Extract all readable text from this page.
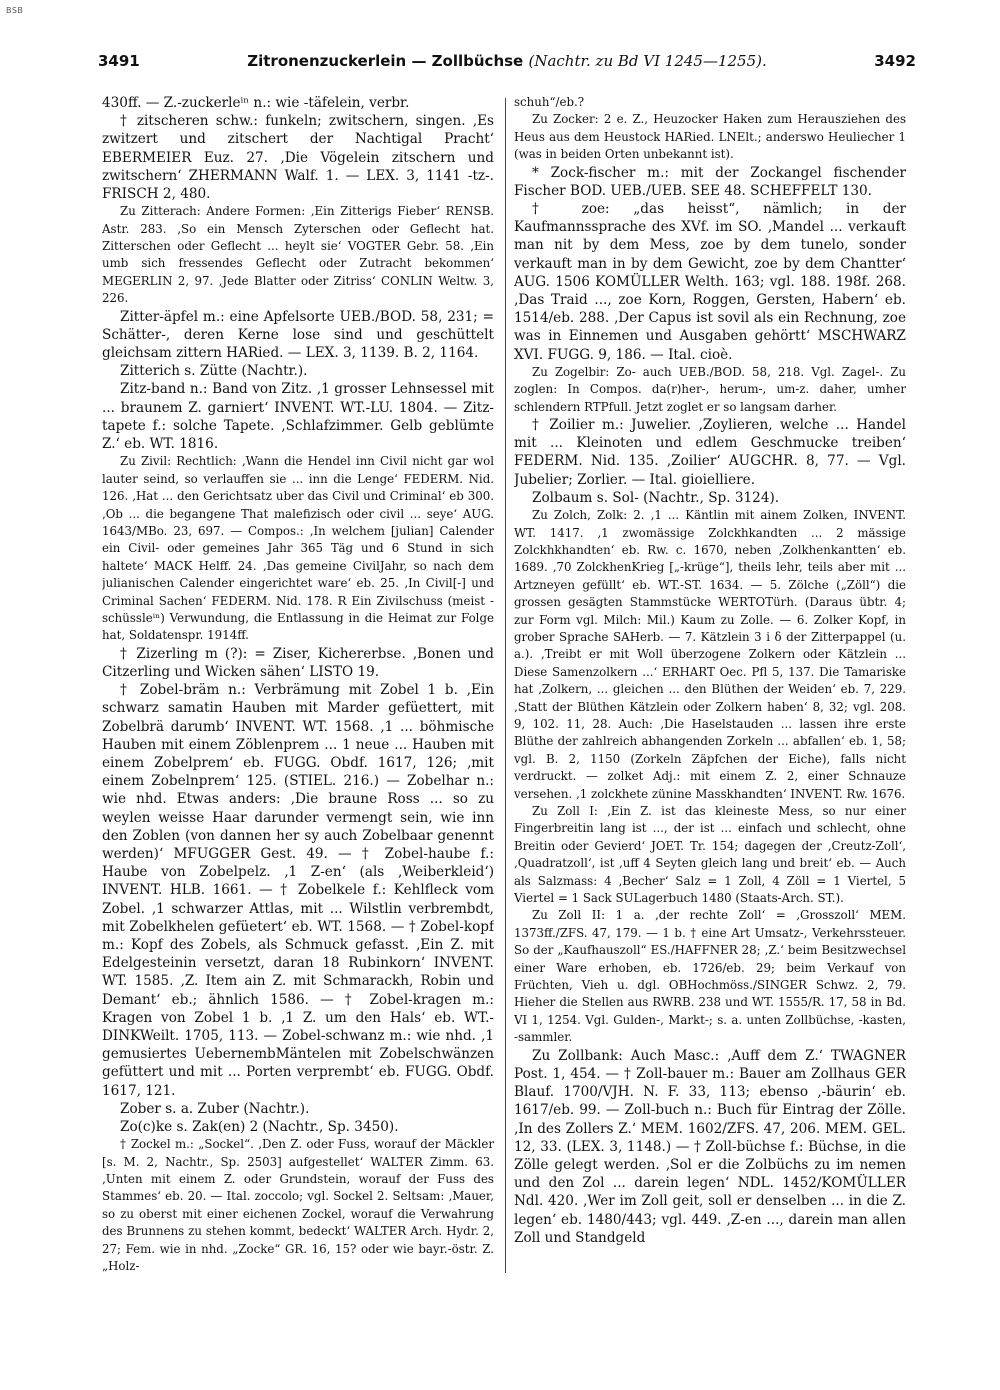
BSB
3491	Zitronenzuckerlein — Zollbüchse (Nachtr. zu Bd VI 1245—1255).	3492

430ff. — Z.-zuckerleⁱⁿ n.: wie -täfelein, verbr.

† zitscheren schw.: funkeln; zwitschern, singen. ‚Es zwitzert und zitschert der Nachtigal Pracht‘ EBERMEIER Euz. 27. ‚Die Vögelein zitschern und zwitschern‘ ZHERMANN Walf. 1. — LEX. 3, 1141 -tz-. FRISCH 2, 480.

Zu Zitterach: Andere Formen: ‚Ein Zitterigs Fieber‘ RENSB. Astr. 283. ‚So ein Mensch Zyterschen oder Geflecht hat. Zitterschen oder Geflecht ... heylt sie‘ VOGTER Gebr. 58. ‚Ein umb sich fressendes Geflecht oder Zutracht bekommen‘ MEGERLIN 2, 97. ‚Jede Blatter oder Zitriss‘ CONLIN Weltw. 3, 226.

Zitter-äpfel m.: eine Apfelsorte UEB./BOD. 58, 231; = Schätter-, deren Kerne lose sind und geschüttelt gleichsam zittern HARied. — LEX. 3, 1139. B. 2, 1164.

Zitterich s. Zütte (Nachtr.).

Zitz-band n.: Band von Zitz. ‚1 grosser Lehnsessel mit ... braunem Z. garniert‘ INVENT. WT.-LU. 1804. — Zitz-tapete f.: solche Tapete. ‚Schlafzimmer. Gelb geblümte Z.‘ eb. WT. 1816.

Zu Zivil: Rechtlich: ‚Wann die Hendel inn Civil nicht gar wol lauter seind, so verlauffen sie ... inn die Lenge‘ FEDERM. Nid. 126. ‚Hat ... den Gerichtsatz uber das Civil und Criminal‘ eb 300. ‚Ob ... die begangene That malefizisch oder civil ... seye‘ AUG. 1643/MBo. 23, 697. — Compos.: ‚In welchem [julian] Calender ein Civil- oder gemeines Jahr 365 Täg und 6 Stund in sich haltete‘ MACK Helff. 24. ‚Das gemeine CivilJahr, so nach dem julianischen Calender eingerichtet ware‘ eb. 25. ‚In Civil[-] und Criminal Sachen‘ FEDERM. Nid. 178. R Ein Zivilschuss (meist -schüssleⁱⁿ) Verwundung, die Entlassung in die Heimat zur Folge hat, Soldatenspr. 1914ff.

† Zizerling m (?): = Ziser, Kichererbse. ‚Bonen und Citzerling und Wicken sähen‘ LISTO 19.

† Zobel-bräm n.: Verbrämung mit Zobel 1 b. ‚Ein schwarz samatin Hauben mit Marder gefüettert, mit Zobelbrä darumb‘ INVENT. WT. 1568. ‚1 ... böhmische Hauben mit einem Zöblenprem ... 1 neue ... Hauben mit einem Zobelprem‘ eb. FUGG. Obdf. 1617, 126; ‚mit einem Zobelnprem‘ 125. (STIEL. 216.) — Zobelhar n.: wie nhd. Etwas anders: ‚Die braune Ross ... so zu weylen weisse Haar darunder vermengt sein, wie inn den Zoblen (von dannen her sy auch Zobelbaar genennt werden)‘ MFUGGER Gest. 49. — † Zobel-haube f.: Haube von Zobelpelz. ‚1 Z-en‘ (als ‚Weiberkleid‘) INVENT. HLB. 1661. — † Zobelkele f.: Kehlfleck vom Zobel. ‚1 schwarzer Attlas, mit ... Wilstlin verbrembdt, mit Zobelkhelen gefüetert‘ eb. WT. 1568. — † Zobel-kopf m.: Kopf des Zobels, als Schmuck gefasst. ‚Ein Z. mit Edelgesteinin versetzt, daran 18 Rubinkorn‘ INVENT. WT. 1585. ‚Z. Item ain Z. mit Schmarackh, Robin und Demant‘ eb.; ähnlich 1586. — † Zobel-kragen m.: Kragen von Zobel 1 b. ‚1 Z. um den Hals‘ eb. WT.-DINKWeilt. 1705, 113. — Zobel-schwanz m.: wie nhd. ‚1 gemusiertes UebernembMäntelen mit Zobelschwänzen gefüttert und mit ... Porten verprembt‘ eb. FUGG. Obdf. 1617, 121.

Zober s. a. Zuber (Nachtr.).

Zo(c)ke s. Zak(en) 2 (Nachtr., Sp. 3450).

† Zockel m.: „Sockel“. ‚Den Z. oder Fuss, worauf der Mäckler [s. M. 2, Nachtr., Sp. 2503] aufgestellet‘ WALTER Zimm. 63. ‚Unten mit einem Z. oder Grundstein, worauf der Fuss des Stammes‘ eb. 20. — Ital. zoccolo; vgl. Sockel 2. Seltsam: ‚Mauer, so zu oberst mit einer eichenen Zockel, worauf die Verwahrung des Brunnens zu stehen kommt, bedeckt‘ WALTER Arch. Hydr. 2, 27; Fem. wie in nhd. „Zocke“ GR. 16, 15? oder wie bayr.-östr. Z. „Holz-

schuh“/eb.?

Zu Zocker: 2 e. Z., Heuzocker Haken zum Herausziehen des Heus aus dem Heustock HARied. LNElt.; anderswo Heuliecher 1 (was in beiden Orten unbekannt ist).

* Zock-fischer m.: mit der Zockangel fischender Fischer BOD. UEB./UEB. SEE 48. SCHEFFELT 130.

† zoe: „das heisst“, nämlich; in der Kaufmannssprache des XVf. im SO. ‚Mandel ... verkauft man nit by dem Mess, zoe by dem tunelo, sonder verkauft man in by dem Gewicht, zoe by dem Chantter‘ AUG. 1506 KOMÜLLER Welth. 163; vgl. 188. 198f. 268. ‚Das Traid ..., zoe Korn, Roggen, Gersten, Habern‘ eb. 1514/eb. 288. ‚Der Capus ist sovil als ein Rechnung, zoe was in Einnemen und Ausgaben gehörtt‘ MSCHWARZ XVI. FUGG. 9, 186. — Ital. cioè.

Zu Zogelbir: Zo- auch UEB./BOD. 58, 218. Vgl. Zagel-. Zu zoglen: In Compos. da(r)her-, herum-, um-z. daher, umher schlendern RTPfull. Jetzt zoglet er so langsam darher.

† Zoilier m.: Juwelier. ‚Zoylieren, welche ... Handel mit ... Kleinoten und edlem Geschmucke treiben‘ FEDERM. Nid. 135. ‚Zoilier‘ AUGCHR. 8, 77. — Vgl. Jubelier; Zorlier. — Ital. gioielliere.

Zolbaum s. Sol- (Nachtr., Sp. 3124).

Zu Zolch, Zolk: 2. ‚1 ... Käntlin mit ainem Zolken, INVENT. WT. 1417. ‚1 zwomässige Zolckhkandten ... 2 mässige Zolckhkhandten‘ eb. Rw. c. 1670, neben ‚Zolkhenkantten‘ eb. 1689. ‚70 ZolckhenKrieg [„-krüge“], theils lehr, teils aber mit ... Artzneyen gefüllt‘ eb. WT.-ST. 1634. — 5. Zölche („Zöll“) die grossen gesägten Stammstücke WERTOTürh. (Daraus übtr. 4; zur Form vgl. Milch: Mil.) Kaum zu Zolle. — 6. Zolker Kopf, in grober Sprache SAHerb. — 7. Kätzlein 3 i δ der Zitterpappel (u. a.). ‚Treibt er mit Woll überzogene Zolkern oder Kätzlein ... Diese Samenzolkern ...‘ ERHART Oec. Pfl 5, 137. Die Tamariske hat ‚Zolkern, ... gleichen ... den Blüthen der Weiden‘ eb. 7, 229. ‚Statt der Blüthen Kätzlein oder Zolkern haben‘ 8, 32; vgl. 208. 9, 102. 11, 28. Auch: ‚Die Haselstauden ... lassen ihre erste Blüthe der zahlreich abhangenden Zorkeln ... abfallen‘ eb. 1, 58; vgl. B. 2, 1150 (Zorkeln Zäpfchen der Eiche), falls nicht verdruckt. — zolket Adj.: mit einem Z. 2, einer Schnauze versehen. ‚1 zolckhete zünine Masskhandten‘ INVENT. Rw. 1676.

Zu Zoll I: ‚Ein Z. ist das kleineste Mess, so nur einer Fingerbreitin lang ist ..., der ist ... einfach und schlecht, ohne Breitin oder Gevierd‘ JOET. Tr. 154; dagegen der ‚Creutz-Zoll‘, ‚Quadratzoll‘, ist ‚uff 4 Seyten gleich lang und breit‘ eb. — Auch als Salzmass: 4 ‚Becher‘ Salz = 1 Zoll, 4 Zöll = 1 Viertel, 5 Viertel = 1 Sack SULagerbuch 1480 (Staats-Arch. ST.).

Zu Zoll II: 1 a. ‚der rechte Zoll‘ = ‚Grosszoll‘ MEM. 1373ff./ZFS. 47, 179. — 1 b. † eine Art Umsatz-, Verkehrssteuer. So der „Kaufhauszoll“ ES./HAFFNER 28; ‚Z.‘ beim Besitzwechsel einer Ware erhoben, eb. 1726/eb. 29; beim Verkauf von Früchten, Vieh u. dgl. OBHochmöss./SINGER Schwz. 2, 79. Hieher die Stellen aus RWRB. 238 und WT. 1555/R. 17, 58 in Bd. VI 1, 1254. Vgl. Gulden-, Markt-; s. a. unten Zollbüchse, -kasten, -sammler.

Zu Zollbank: Auch Masc.: ‚Auff dem Z.‘ TWAGNER Post. 1, 454. — † Zoll-bauer m.: Bauer am Zollhaus GER Blauf. 1700/VJH. N. F. 33, 113; ebenso ‚-bäurin‘ eb. 1617/eb. 99. — Zoll-buch n.: Buch für Eintrag der Zölle. ‚In des Zollers Z.‘ MEM. 1602/ZFS. 47, 206. MEM. GEL. 12, 33. (LEX. 3, 1148.) — † Zoll-büchse f.: Büchse, in die Zölle gelegt werden. ‚Sol er die Zolbüchs zu im nemen und den Zol ... darein legen‘ NDL. 1452/KOMÜLLER Ndl. 420. ‚Wer im Zoll geit, soll er denselben ... in die Z. legen‘ eb. 1480/443; vgl. 449. ‚Z-en ..., darein man allen Zoll und Standgeld
